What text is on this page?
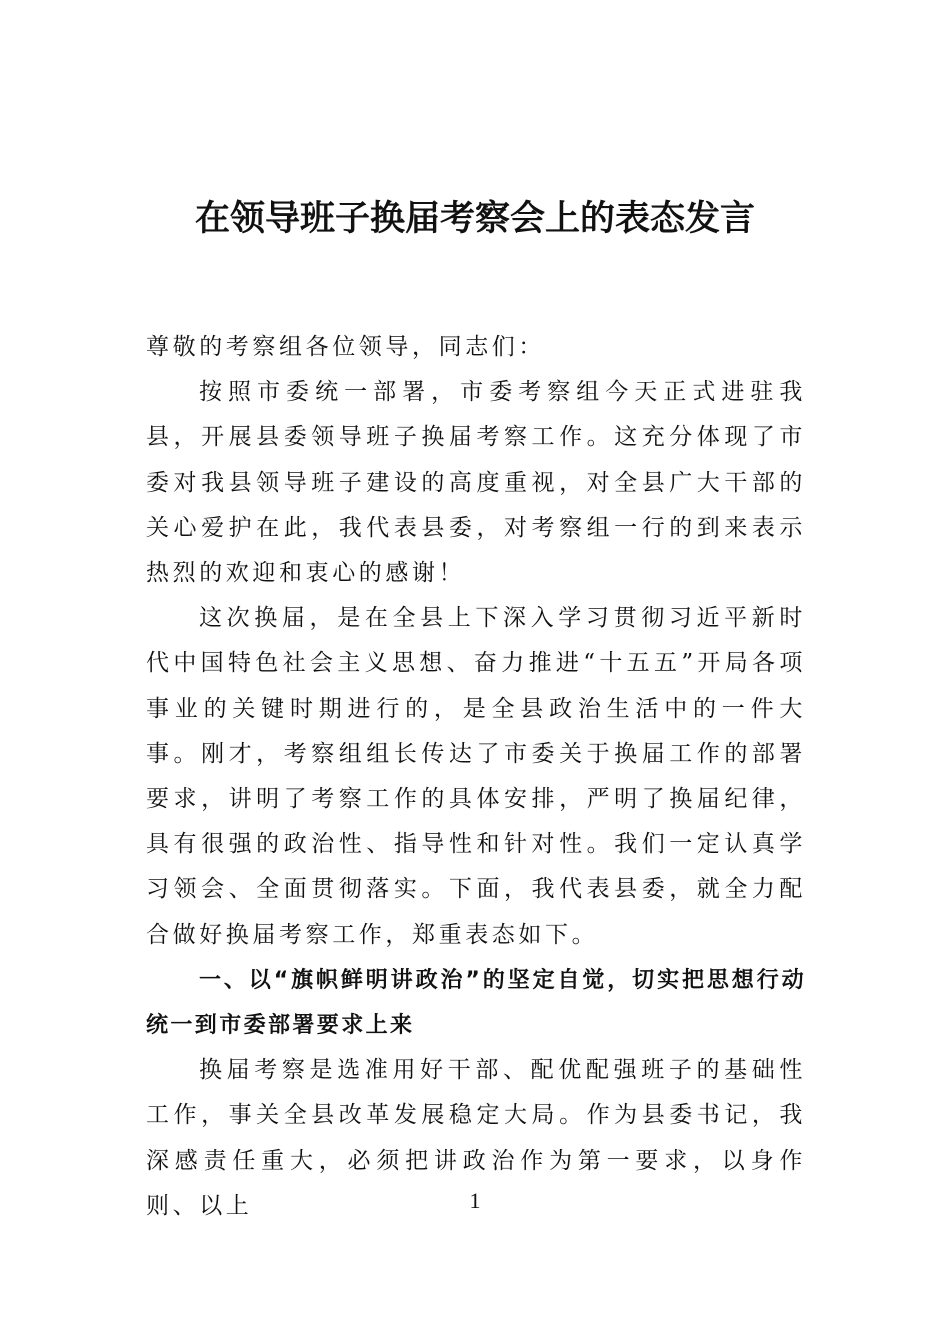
在领导班子换届考察会上的表态发言

尊敬的考察组各位领导，同志们：

按照市委统一部署，市委考察组今天正式进驻我县，开展县委领导班子换届考察工作。这充分体现了市委对我县领导班子建设的高度重视，对全县广大干部的关心爱护在此，我代表县委，对考察组一行的到来表示热烈的欢迎和衷心的感谢！

这次换届，是在全县上下深入学习贯彻习近平新时代中国特色社会主义思想、奋力推进“十五五”开局各项事业的关键时期进行的，是全县政治生活中的一件大事。刚才，考察组组长传达了市委关于换届工作的部署要求，讲明了考察工作的具体安排，严明了换届纪律，具有很强的政治性、指导性和针对性。我们一定认真学习领会、全面贯彻落实。下面，我代表县委，就全力配合做好换届考察工作，郑重表态如下。

一、以“旗帜鲜明讲政治”的坚定自觉，切实把思想行动统一到市委部署要求上来

换届考察是选准用好干部、配优配强班子的基础性工作，事关全县改革发展稳定大局。作为县委书记，我深感责任重大，必须把讲政治作为第一要求，以身作则、以上	1
